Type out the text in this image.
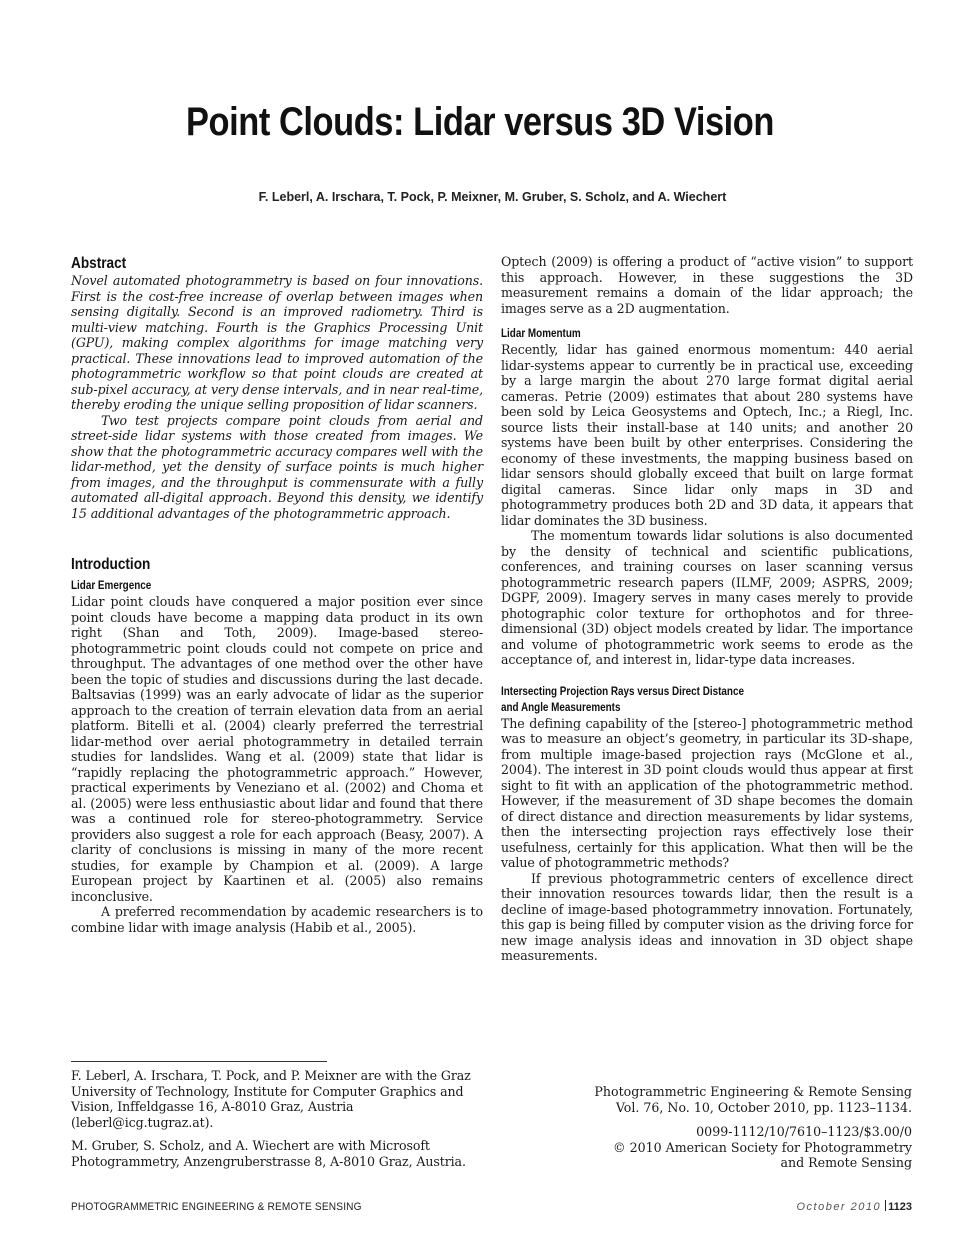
Point Clouds: Lidar versus 3D Vision
F. Leberl, A. Irschara, T. Pock, P. Meixner, M. Gruber, S. Scholz, and A. Wiechert
Abstract

Novel automated photogrammetry is based on four innovations. First is the cost-free increase of overlap between images when sensing digitally. Second is an improved radiometry. Third is multi-view matching. Fourth is the Graphics Processing Unit (GPU), making complex algorithms for image matching very practical. These innovations lead to improved automation of the photogrammetric workflow so that point clouds are created at sub-pixel accuracy, at very dense intervals, and in near real-time, thereby eroding the unique selling proposition of lidar scanners.

Two test projects compare point clouds from aerial and street-side lidar systems with those created from images. We show that the photogrammetric accuracy compares well with the lidar-method, yet the density of surface points is much higher from images, and the throughput is commensurate with a fully automated all-digital approach. Beyond this density, we identify 15 additional advantages of the photogrammetric approach.

Introduction
Lidar Emergence

Lidar point clouds have conquered a major position ever since point clouds have become a mapping data product in its own right (Shan and Toth, 2009). Image-based stereo-photogrammetric point clouds could not compete on price and throughput. The advantages of one method over the other have been the topic of studies and discussions during the last decade. Baltsavias (1999) was an early advocate of lidar as the superior approach to the creation of terrain elevation data from an aerial platform. Bitelli et al. (2004) clearly preferred the terrestrial lidar-method over aerial photogrammetry in detailed terrain studies for landslides. Wang et al. (2009) state that lidar is “rapidly replacing the photogrammetric approach.” However, practical experiments by Veneziano et al. (2002) and Choma et al. (2005) were less enthusiastic about lidar and found that there was a continued role for stereo-photogrammetry. Service providers also suggest a role for each approach (Beasy, 2007). A clarity of conclusions is missing in many of the more recent studies, for example by Champion et al. (2009). A large European project by Kaartinen et al. (2005) also remains inconclusive.

A preferred recommendation by academic researchers is to combine lidar with image analysis (Habib et al., 2005).

Optech (2009) is offering a product of “active vision” to support this approach. However, in these suggestions the 3D measurement remains a domain of the lidar approach; the images serve as a 2D augmentation.

Lidar Momentum

Recently, lidar has gained enormous momentum: 440 aerial lidar-systems appear to currently be in practical use, exceeding by a large margin the about 270 large format digital aerial cameras. Petrie (2009) estimates that about 280 systems have been sold by Leica Geosystems and Optech, Inc.; a Riegl, Inc. source lists their install-base at 140 units; and another 20 systems have been built by other enterprises. Considering the economy of these investments, the mapping business based on lidar sensors should globally exceed that built on large format digital cameras. Since lidar only maps in 3D and photogrammetry produces both 2D and 3D data, it appears that lidar dominates the 3D business.

The momentum towards lidar solutions is also documented by the density of technical and scientific publications, conferences, and training courses on laser scanning versus photogrammetric research papers (ILMF, 2009; ASPRS, 2009; DGPF, 2009). Imagery serves in many cases merely to provide photographic color texture for orthophotos and for three-dimensional (3D) object models created by lidar. The importance and volume of photogrammetric work seems to erode as the acceptance of, and interest in, lidar-type data increases.

Intersecting Projection Rays versus Direct Distance
and Angle Measurements

The defining capability of the [stereo-] photogrammetric method was to measure an object’s geometry, in particular its 3D-shape, from multiple image-based projection rays (McGlone et al., 2004). The interest in 3D point clouds would thus appear at first sight to fit with an application of the photogrammetric method. However, if the measurement of 3D shape becomes the domain of direct distance and direction measurements by lidar systems, then the intersecting projection rays effectively lose their usefulness, certainly for this application. What then will be the value of photogrammetric methods?

If previous photogrammetric centers of excellence direct their innovation resources towards lidar, then the result is a decline of image-based photogrammetry innovation. Fortunately, this gap is being filled by computer vision as the driving force for new image analysis ideas and innovation in 3D object shape measurements.

F. Leberl, A. Irschara, T. Pock, and P. Meixner are with the Graz University of Technology, Institute for Computer Graphics and Vision, Inffeldgasse 16, A-8010 Graz, Austria (leberl@icg.tugraz.at).

M. Gruber, S. Scholz, and A. Wiechert are with Microsoft Photogrammetry, Anzengruberstrasse 8, A-8010 Graz, Austria.

Photogrammetric Engineering & Remote Sensing
Vol. 76, No. 10, October 2010, pp. 1123–1134.
0099-1112/10/7610–1123/$3.00/0
© 2010 American Society for Photogrammetry
and Remote Sensing
PHOTOGRAMMETRIC ENGINEERING & REMOTE SENSING	October 2010 1123
